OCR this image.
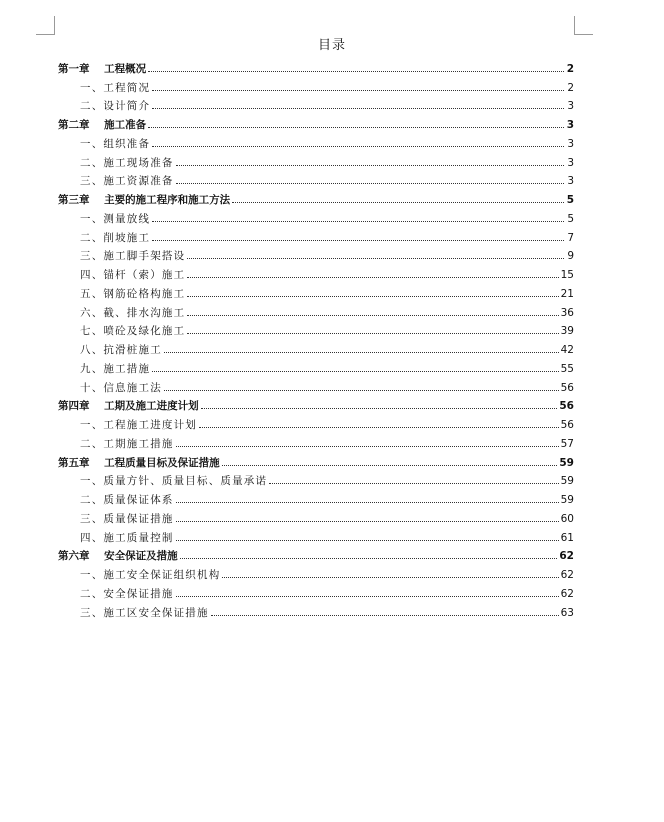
目录
第一章    工程概况	2
一、工程简况	2
二、设计简介	3
第二章    施工准备	3
一、组织准备	3
二、施工现场准备	3
三、施工资源准备	3
第三章    主要的施工程序和施工方法	5
一、测量放线	5
二、削坡施工	7
三、施工脚手架搭设	9
四、锚杆（索）施工	15
五、钢筋砼格构施工	21
六、截、排水沟施工	36
七、喷砼及绿化施工	39
八、抗滑桩施工	42
九、施工措施	55
十、信息施工法	56
第四章    工期及施工进度计划	56
一、工程施工进度计划	56
二、工期施工措施	57
第五章    工程质量目标及保证措施	59
一、质量方针、质量目标、质量承诺	59
二、质量保证体系	59
三、质量保证措施	60
四、施工质量控制	61
第六章    安全保证及措施	62
一、施工安全保证组织机构	62
二、安全保证措施	62
三、施工区安全保证措施	63
